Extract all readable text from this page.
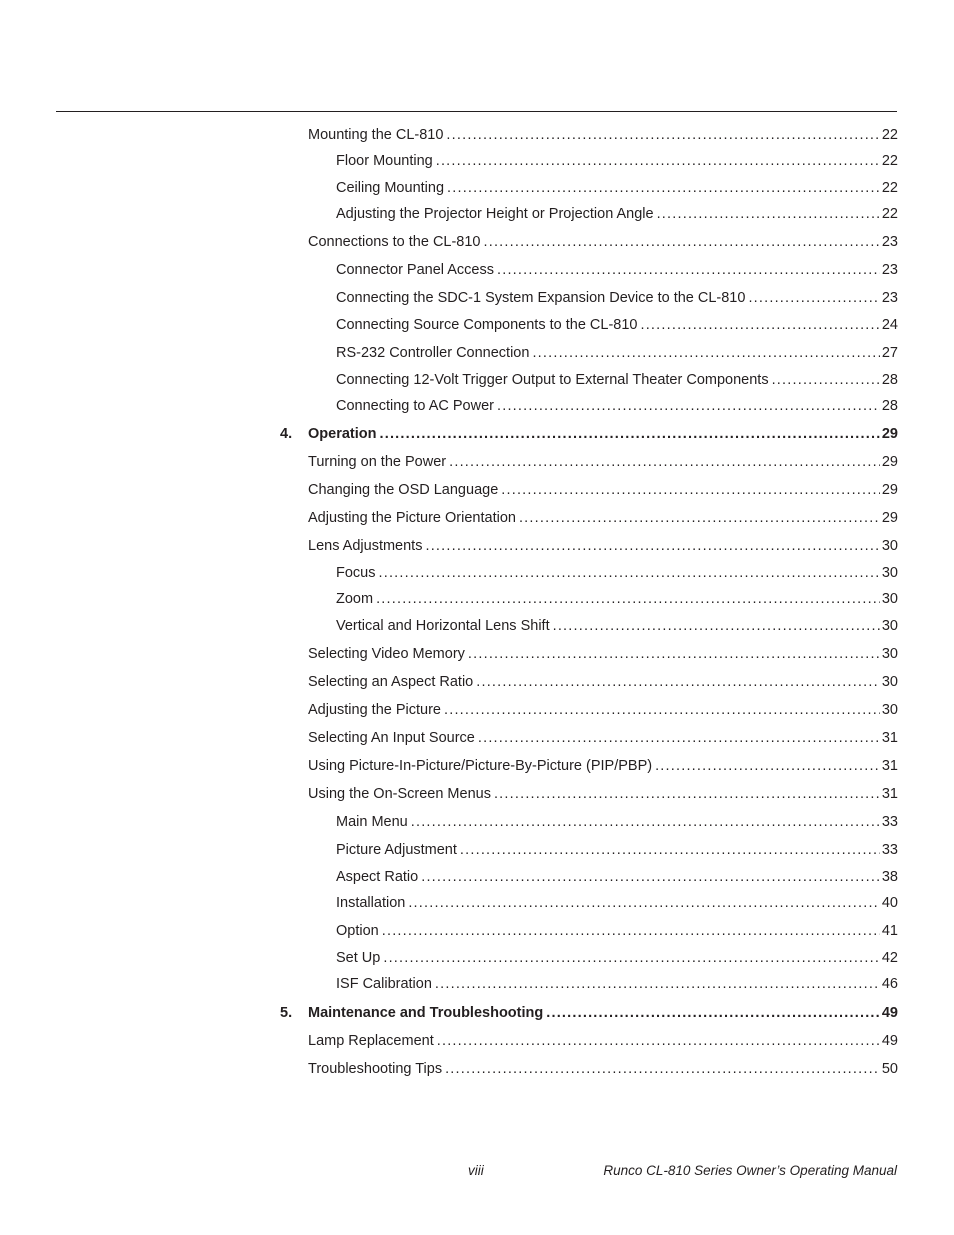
Mounting the CL-810 .....	22
Floor Mounting .....	22
Ceiling Mounting .....	22
Adjusting the Projector Height or Projection Angle .....	22
Connections to the CL-810 .....	23
Connector Panel Access .....	23
Connecting the SDC-1 System Expansion Device to the CL-810 .....	23
Connecting Source Components to the CL-810 .....	24
RS-232 Controller Connection .....	27
Connecting 12-Volt Trigger Output to External Theater Components .....	28
Connecting to AC Power .....	28
4.	Operation .....	29
Turning on the Power .....	29
Changing the OSD Language .....	29
Adjusting the Picture Orientation .....	29
Lens Adjustments .....	30
Focus .....	30
Zoom .....	30
Vertical and Horizontal Lens Shift .....	30
Selecting Video Memory .....	30
Selecting an Aspect Ratio .....	30
Adjusting the Picture .....	30
Selecting An Input Source .....	31
Using Picture-In-Picture/Picture-By-Picture (PIP/PBP) .....	31
Using the On-Screen Menus .....	31
Main Menu .....	33
Picture Adjustment .....	33
Aspect Ratio .....	38
Installation .....	40
Option .....	41
Set Up .....	42
ISF Calibration .....	46
5.	Maintenance and Troubleshooting .....	49
Lamp Replacement .....	49
Troubleshooting Tips .....	50
viii	Runco CL-810 Series Owner’s Operating Manual
